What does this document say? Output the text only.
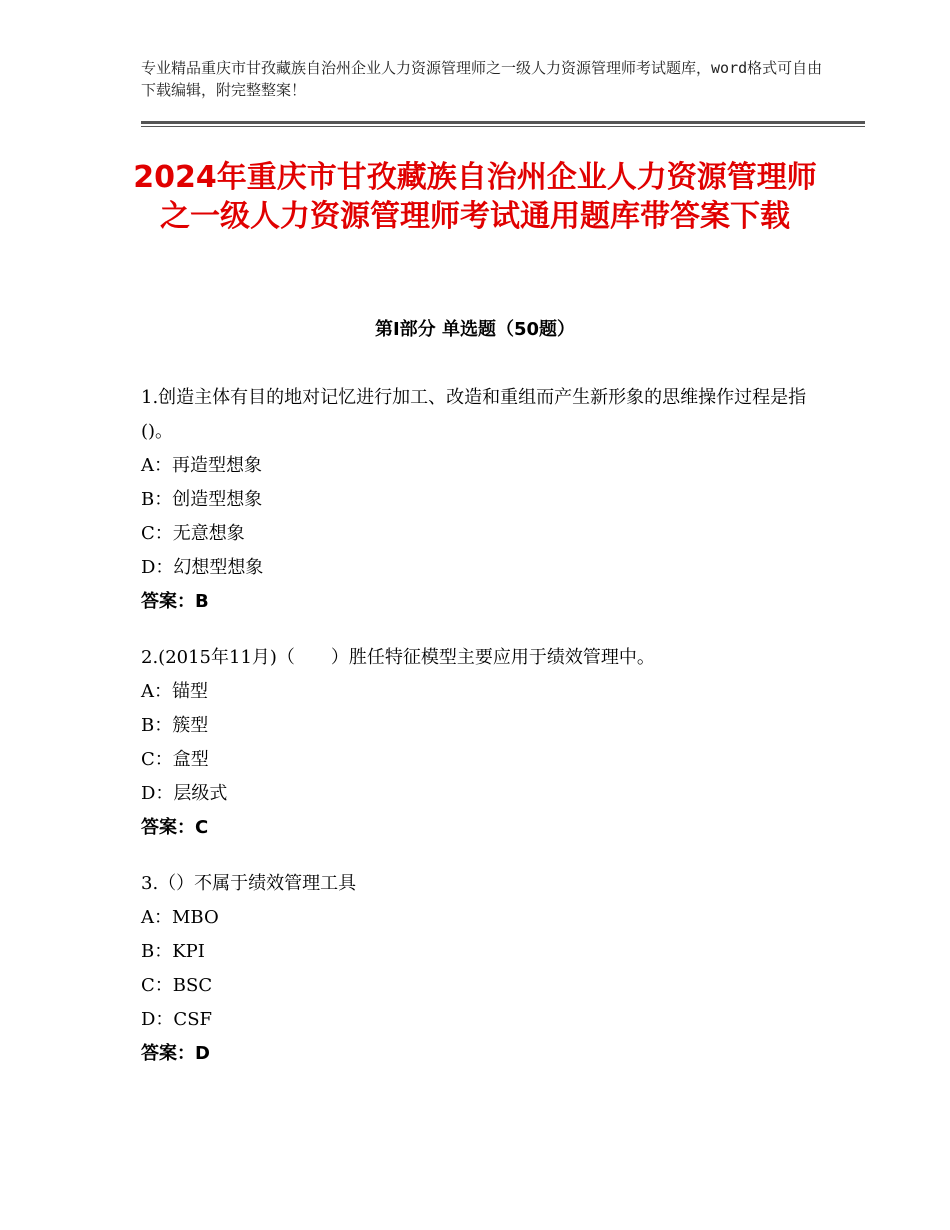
专业精品重庆市甘孜藏族自治州企业人力资源管理师之一级人力资源管理师考试题库，word格式可自由下载编辑，附完整整案！
2024年重庆市甘孜藏族自治州企业人力资源管理师之一级人力资源管理师考试通用题库带答案下载
第Ⅰ部分 单选题（50题）
1.创造主体有目的地对记忆进行加工、改造和重组而产生新形象的思维操作过程是指()。
A：再造型想象
B：创造型想象
C：无意想象
D：幻想型想象
答案：B
2.(2015年11月)（　　）胜任特征模型主要应用于绩效管理中。
A：锚型
B：簇型
C：盒型
D：层级式
答案：C
3.（）不属于绩效管理工具
A：MBO
B：KPI
C：BSC
D：CSF
答案：D
